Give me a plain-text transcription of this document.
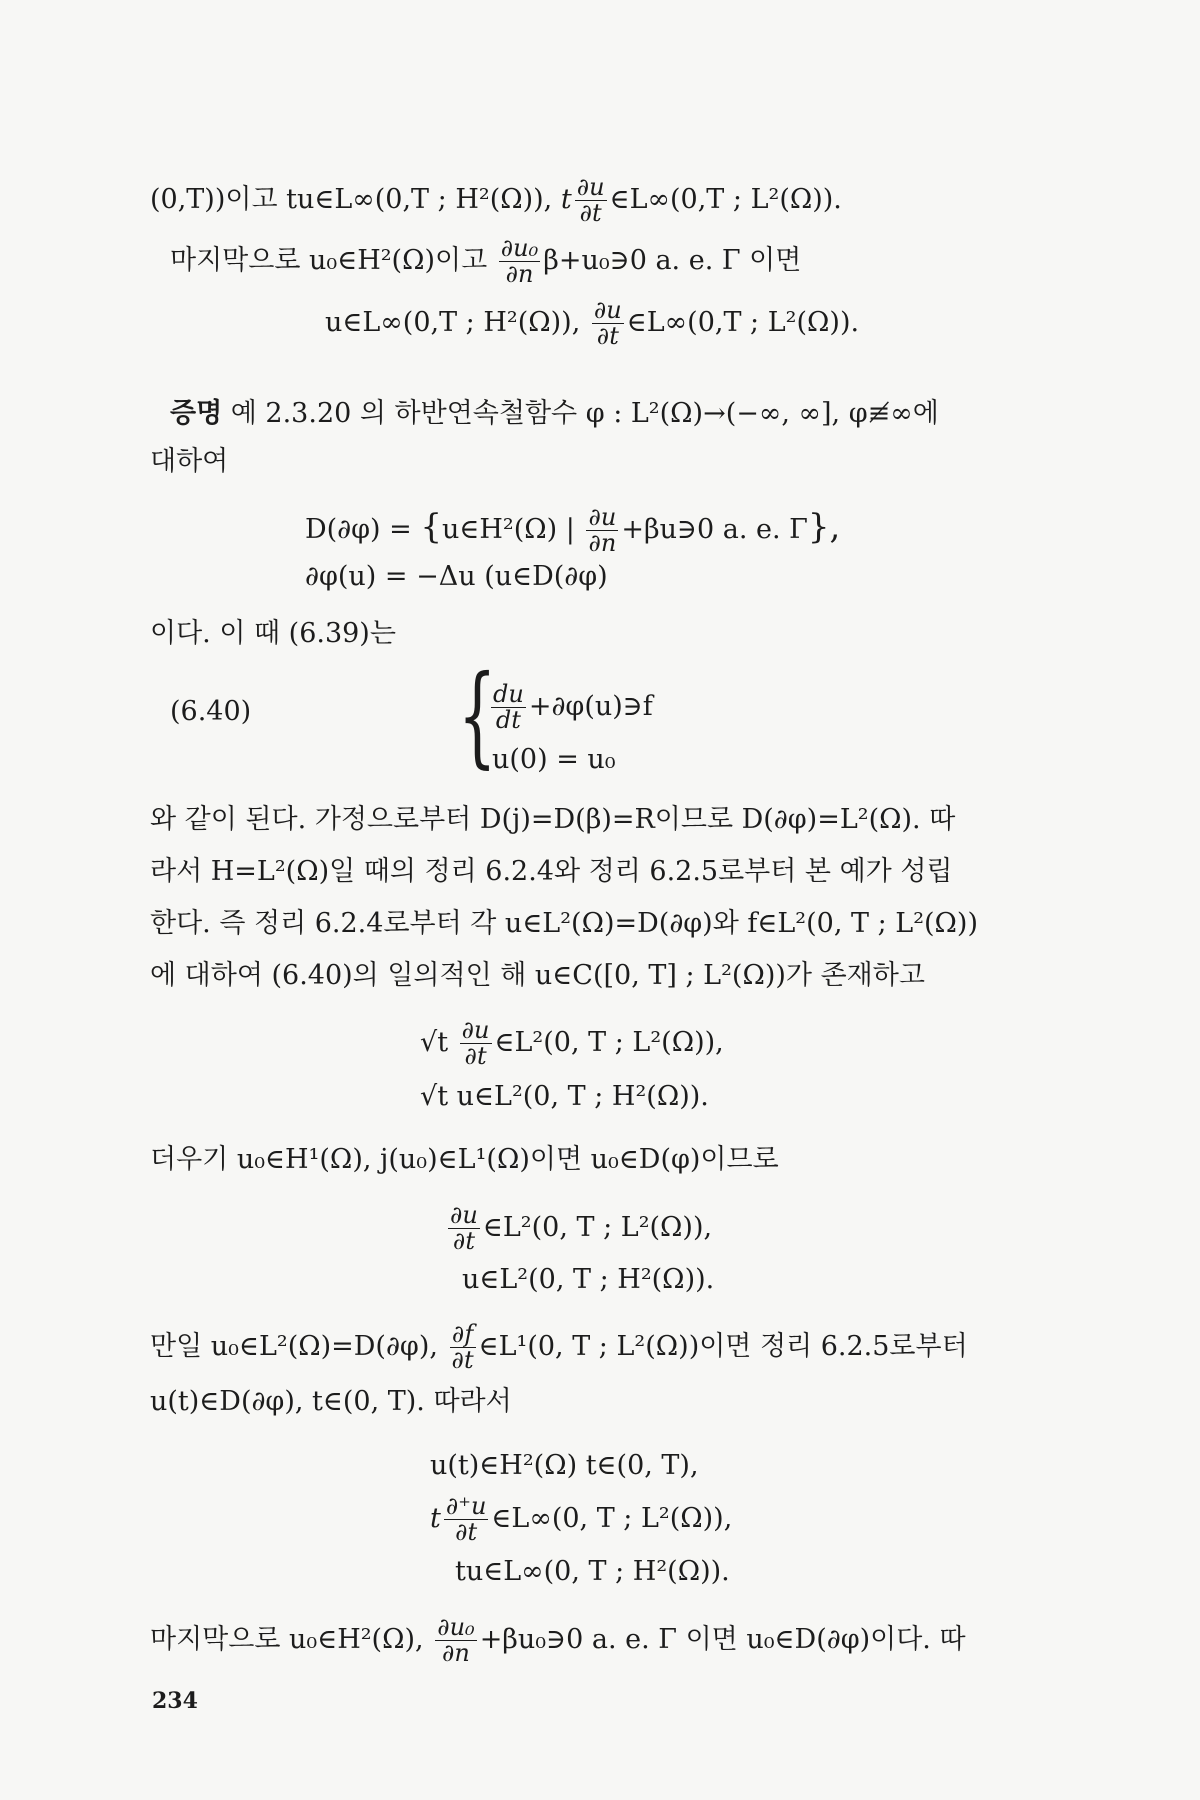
(0,T))이고 tu∈L∞(0,T ; H²(Ω)), t $\frac{\partial u}{\partial t}$ ∈L∞(0,T ; L²(Ω)).
마지막으로 u₀∈H²(Ω)이고 $\frac{\text{∂u₀}}{\partial n}$ β+u₀∋0 a. e. Γ 이면
u∈L∞(0,T ; H²(Ω)), $\frac{\partial u}{\partial t}$ ∈L∞(0,T ; L²(Ω)).
증명 예 2.3.20 의 하반연속철함수 φ : L²(Ω)→(−∞, ∞], φ≢∞에
대하여
D(∂φ) = {u∈H²(Ω) | $\frac{\partial u}{\partial n}$ +βu∋0 a. e. Γ},
∂φ(u) = −Δu (u∈D(∂φ)
이다. 이 때 (6.39)는
(6.40) {
$\frac{du}{dt}$ +∂φ(u)∋f
u(0) = u₀
와 같이 된다. 가정으로부터 D(j)=D(β)=R이므로 D(∂φ)=L²(Ω). 따
라서 H=L²(Ω)일 때의 정리 6.2.4와 정리 6.2.5로부터 본 예가 성립
한다. 즉 정리 6.2.4로부터 각 u∈L²(Ω)=D(∂φ)와 f∈L²(0, T ; L²(Ω))
에 대하여 (6.40)의 일의적인 해 u∈C([0, T] ; L²(Ω))가 존재하고
$√t \frac{\partial u}{\partial t}$ ∈L²(0, T ; L²(Ω)),
√t u∈L²(0, T ; H²(Ω)).
더우기 u₀∈H¹(Ω), j(u₀)∈L¹(Ω)이면 u₀∈D(φ)이므로
$\frac{\partial u}{\partial t}$ ∈L²(0, T ; L²(Ω)),
u∈L²(0, T ; H²(Ω)).
만일 u₀∈L²(Ω)=D(∂φ), $\frac{\partial f}{\partial t}$ ∈L¹(0, T ; L²(Ω))이면 정리 6.2.5로부터
u(t)∈D(∂φ), t∈(0, T). 따라서
u(t)∈H²(Ω) t∈(0, T),
t $\frac{\partial^+u}{\partial t}$ ∈L∞(0, T ; L²(Ω)),
tu∈L∞(0, T ; H²(Ω)).
마지막으로 u₀∈H²(Ω), $\frac{\text{∂u₀}}{\partial n}$ +βu₀∋0 a. e. Γ 이면 u₀∈D(∂φ)이다. 따
234
